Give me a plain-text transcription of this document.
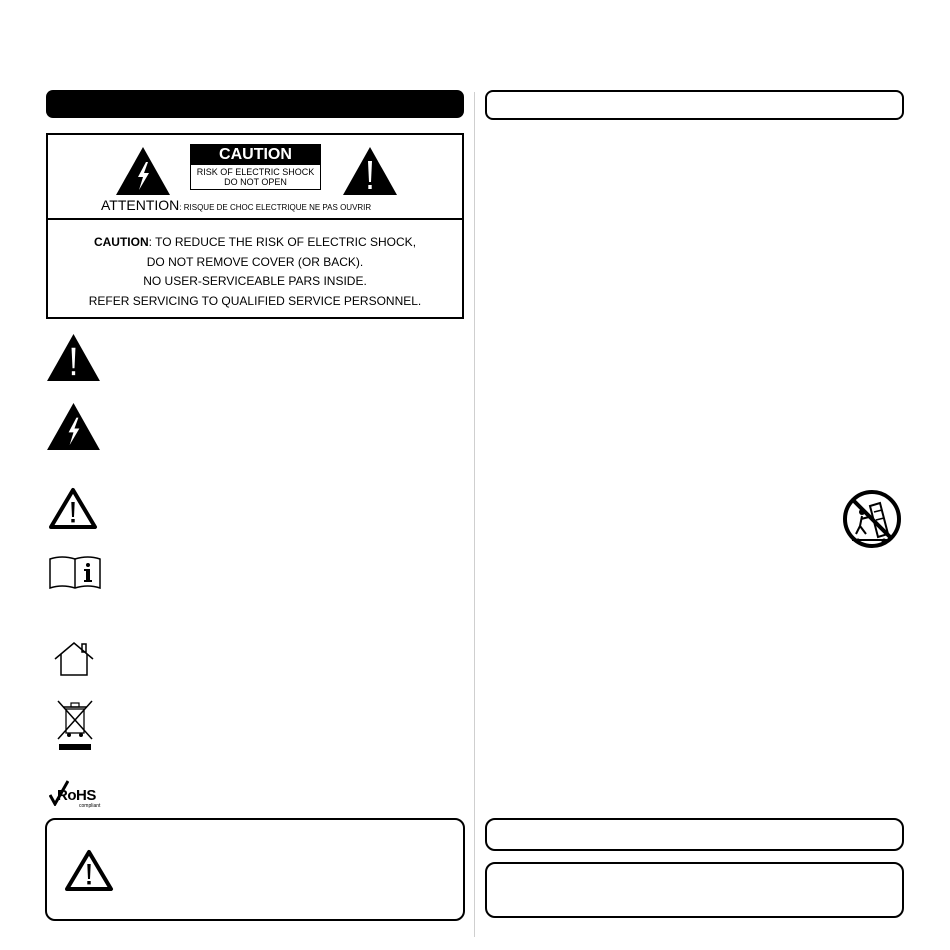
CAUTION
RISK OF ELECTRIC SHOCK
DO NOT OPEN
ATTENTION: RISQUE DE CHOC ELECTRIQUE NE PAS OUVRIR
CAUTION: TO REDUCE THE RISK OF ELECTRIC SHOCK,
DO NOT REMOVE COVER (OR BACK).
NO USER-SERVICEABLE PARS INSIDE.
REFER SERVICING TO QUALIFIED SERVICE PERSONNEL.
RoHS
compliant
